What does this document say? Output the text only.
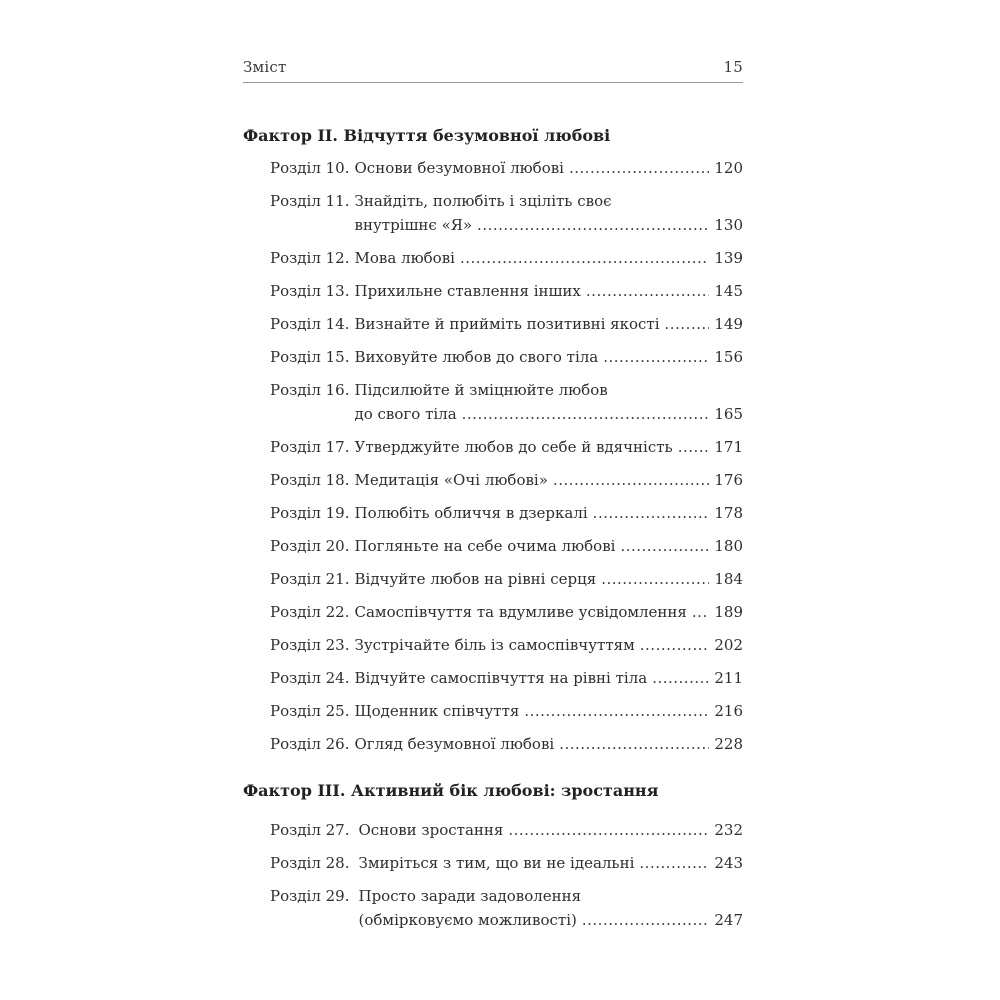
Зміст	15
Фактор II. Відчуття безумовної любові
Розділ 10. Основи безумовної любові .....	120
Розділ 11. Знайдіть, полюбіть і зцiлiть своє
внутрішнє «Я» .....	130
Розділ 12. Мова любові .....	139
Розділ 13. Прихильне ставлення інших .....	145
Розділ 14. Визнайте й прийміть позитивні якості .....	149
Розділ 15. Виховуйте любов до свого тіла .....	156
Розділ 16. Підсилюйте й зміцнюйте любов
до свого тіла .....	165
Розділ 17. Утверджуйте любов до себе й вдячність .....	171
Розділ 18. Медитація «Очі любові» .....	176
Розділ 19. Полюбіть обличчя в дзеркалі .....	178
Розділ 20. Погляньте на себе очима любові .....	180
Розділ 21. Відчуйте любов на рівні серця .....	184
Розділ 22. Самоспівчуття та вдумливе усвідомлення ..... 189
Розділ 23. Зустрічайте біль із самоспівчуттям .....	202
Розділ 24. Відчуйте самоспівчуття на рівні тіла .....	211
Розділ 25. Щоденник співчуття .....	216
Розділ 26. Огляд безумовної любові .....	228
Фактор III. Активний бік любові: зростання
Розділ 27. Основи зростання .....	232
Розділ 28. Змиріться з тим, що ви не ідеальні .....	243
Розділ 29. Просто заради задоволення
(обмірковуємо можливості) .....	247
